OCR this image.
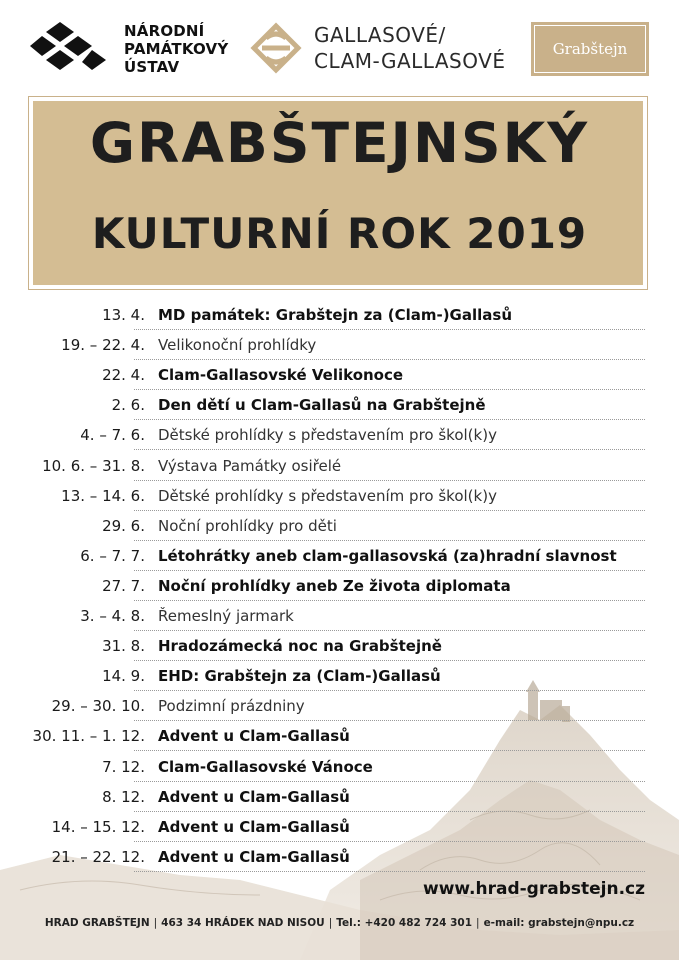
NÁRODNÍ
PAMÁTKOVÝ
ÚSTAV
GALLASOVÉ/
CLAM-GALLASOVÉ	Grabštejn
GRABŠTEJNSKÝ
KULTURNÍ ROK 2019
13. 4. MD památek: Grabštejn za (Clam-)Gallasů
19. – 22. 4. Velikonoční prohlídky
22. 4. Clam-Gallasovské Velikonoce
2. 6. Den dětí u Clam-Gallasů na Grabštejně
4. – 7. 6. Dětské prohlídky s představením pro škol(k)y
10. 6. – 31. 8. Výstava Památky osiřelé
13. – 14. 6. Dětské prohlídky s představením pro škol(k)y
29. 6. Noční prohlídky pro děti
6. – 7. 7. Létohrátky aneb clam-gallasovská (za)hradní slavnost
27. 7. Noční prohlídky aneb Ze života diplomata
3. – 4. 8. Řemeslný jarmark
31. 8. Hradozámecká noc na Grabštejně
14. 9. EHD: Grabštejn za (Clam-)Gallasů
29. – 30. 10. Podzimní prázdniny
30. 11. – 1. 12. Advent u Clam-Gallasů
7. 12. Clam-Gallasovské Vánoce
8. 12. Advent u Clam-Gallasů
14. – 15. 12. Advent u Clam-Gallasů
21. – 22. 12. Advent u Clam-Gallasů
www.hrad-grabstejn.cz
HRAD GRABŠTEJN | 463 34 HRÁDEK NAD NISOU | Tel.: +420 482 724 301 | e-mail: grabstejn@npu.cz
